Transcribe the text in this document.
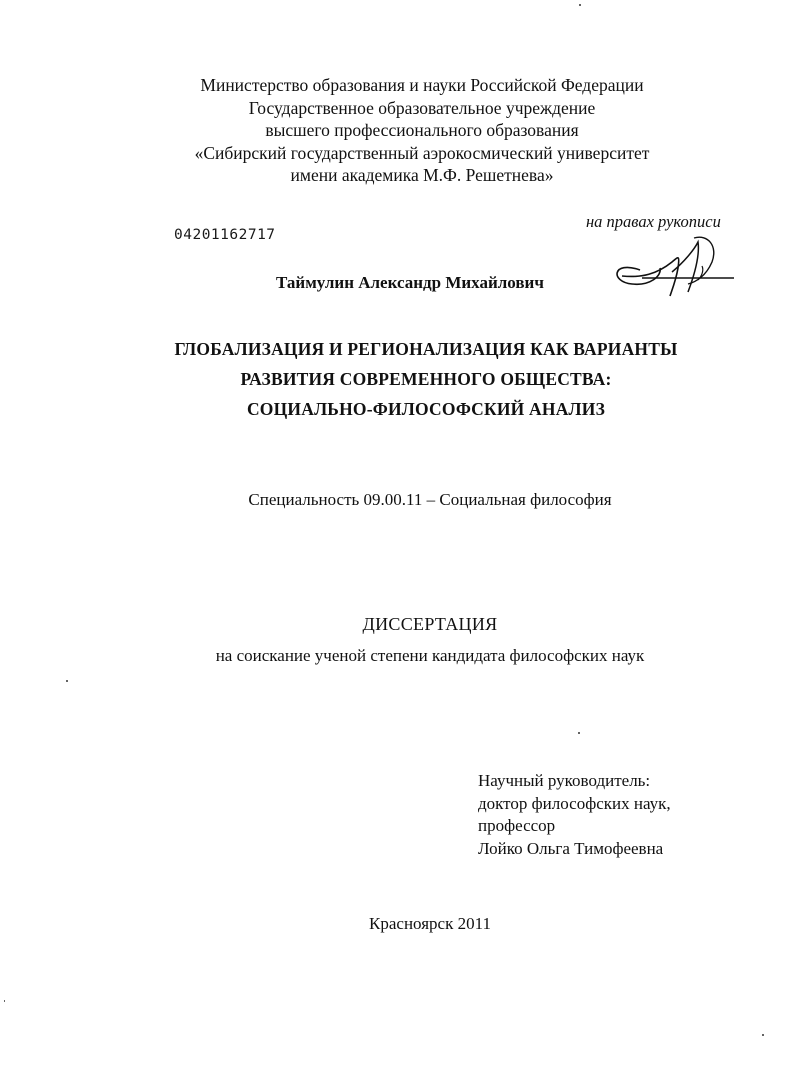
Министерство образования и науки Российской Федерации
Государственное образовательное учреждение
высшего профессионального образования
«Сибирский государственный аэрокосмический университет
имени академика М.Ф. Решетнева»
на правах рукописи
04201162717
Таймулин Александр Михайлович
ГЛОБАЛИЗАЦИЯ И РЕГИОНАЛИЗАЦИЯ КАК ВАРИАНТЫ
РАЗВИТИЯ СОВРЕМЕННОГО ОБЩЕСТВА:
СОЦИАЛЬНО-ФИЛОСОФСКИЙ АНАЛИЗ
Специальность 09.00.11 – Социальная философия
ДИССЕРТАЦИЯ
на соискание ученой степени кандидата философских наук
Научный руководитель:
доктор философских наук,
профессор
Лойко Ольга Тимофеевна
Красноярск 2011
